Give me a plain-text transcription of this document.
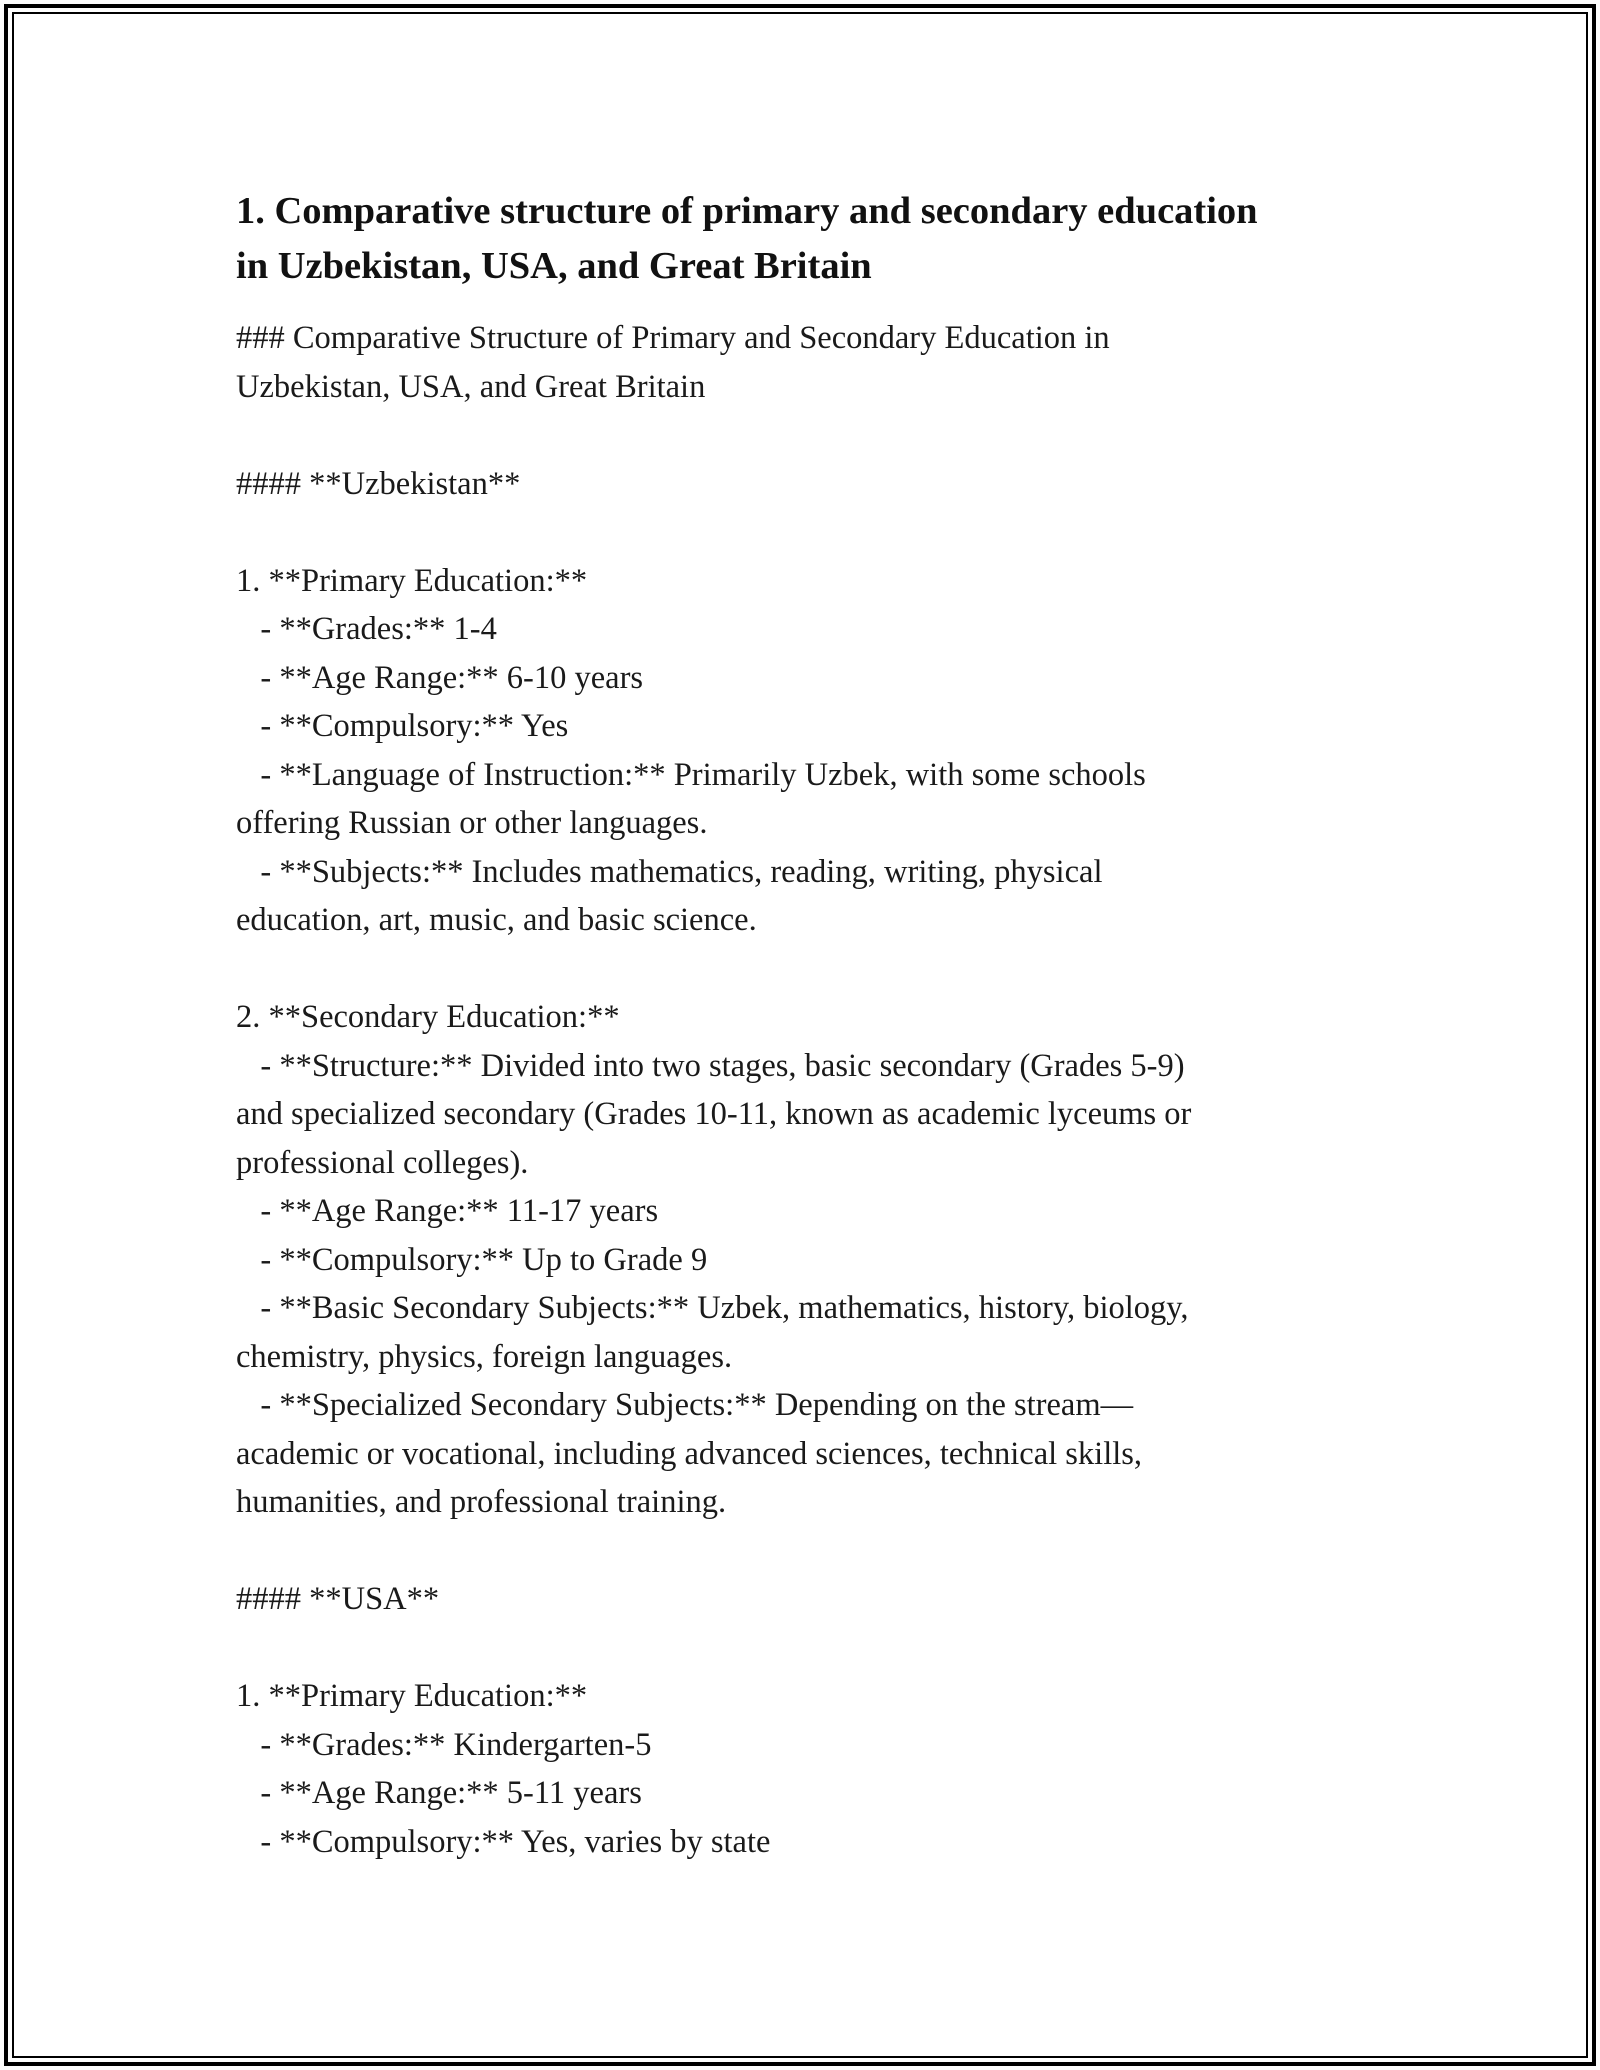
1. Comparative structure of primary and secondary education
in Uzbekistan, USA, and Great Britain
### Comparative Structure of Primary and Secondary Education in
Uzbekistan, USA, and Great Britain
#### **Uzbekistan**
1. **Primary Education:**
- **Grades:** 1-4
- **Age Range:** 6-10 years
- **Compulsory:** Yes
- **Language of Instruction:** Primarily Uzbek, with some schools
offering Russian or other languages.
- **Subjects:** Includes mathematics, reading, writing, physical
education, art, music, and basic science.
2. **Secondary Education:**
- **Structure:** Divided into two stages, basic secondary (Grades 5-9)
and specialized secondary (Grades 10-11, known as academic lyceums or
professional colleges).
- **Age Range:** 11-17 years
- **Compulsory:** Up to Grade 9
- **Basic Secondary Subjects:** Uzbek, mathematics, history, biology,
chemistry, physics, foreign languages.
- **Specialized Secondary Subjects:** Depending on the stream—
academic or vocational, including advanced sciences, technical skills,
humanities, and professional training.
#### **USA**
1. **Primary Education:**
- **Grades:** Kindergarten-5
- **Age Range:** 5-11 years
- **Compulsory:** Yes, varies by state
